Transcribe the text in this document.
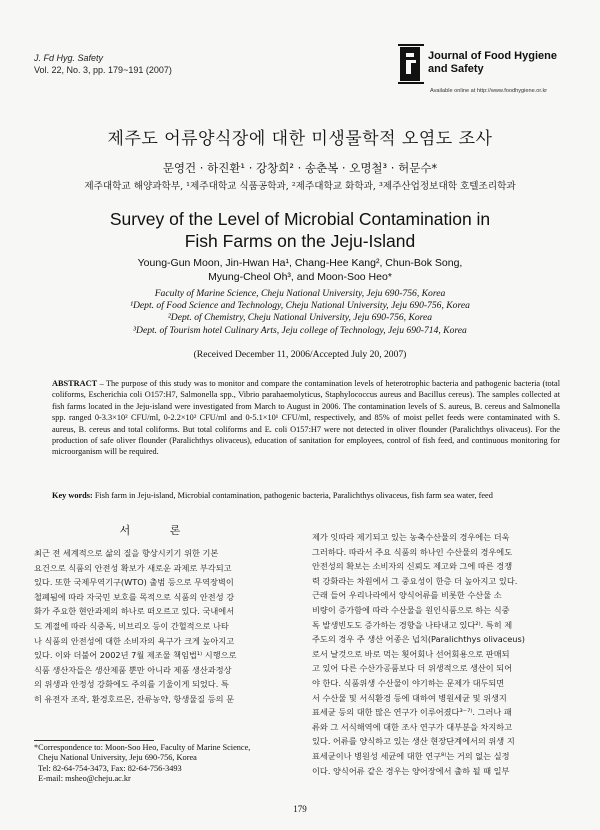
J. Fd Hyg. Safety
Vol. 22, No. 3, pp. 179~191 (2007)
Journal of Food Hygiene
and Safety
Available online at http://www.foodhygiene.or.kr
제주도 어류양식장에 대한 미생물학적 오염도 조사
문영건 · 하진환¹ · 강창희² · 송춘복 · 오명철³ · 허문수*
제주대학교 해양과학부, ¹제주대학교 식품공학과, ²제주대학교 화학과, ³제주산업정보대학 호텔조리학과
Survey of the Level of Microbial Contamination in
Fish Farms on the Jeju-Island
Young-Gun Moon, Jin-Hwan Ha¹, Chang-Hee Kang², Chun-Bok Song,
Myung-Cheol Oh³, and Moon-Soo Heo*
Faculty of Marine Science, Cheju National University, Jeju 690-756, Korea
¹Dept. of Food Science and Technology, Cheju National University, Jeju 690-756, Korea
²Dept. of Chemistry, Cheju National University, Jeju 690-756, Korea
³Dept. of Tourism hotel Culinary Arts, Jeju college of Technology, Jeju 690-714, Korea
(Received December 11, 2006/Accepted July 20, 2007)
ABSTRACT – The purpose of this study was to monitor and compare the contamination levels of heterotrophic bacteria and pathogenic bacteria (total coliforms, Escherichia coli O157:H7, Salmonella spp., Vibrio parahaemolyticus, Staphylococcus aureus and Bacillus cereus). The samples collected at fish farms located in the Jeju-island were investigated from March to August in 2006. The contamination levels of S. aureus, B. cereus and Salmonella spp. ranged 0-3.3×10² CFU/ml, 0-2.2×10² CFU/ml and 0-5.1×10¹ CFU/ml, respectively, and 85% of moist pellet feeds were contaminated with S. aureus, B. cereus and total coliforms. But total coliforms and E. coli O157:H7 were not detected in oliver flounder (Paralichthys olivaceus). For the production of safe oliver flounder (Paralichthys olivaceus), education of sanitation for employees, control of fish feed, and continuous monitoring for microorganism will be required.
Key words: Fish farm in Jeju-island, Microbial contamination, pathogenic bacteria, Paralichthys olivaceus, fish farm sea water, feed
서 론

최근 전 세계적으로 삶의 질을 향상시키기 위한 기본

요건으로 식품의 안전성 확보가 새로운 과제로 부각되고

있다. 또한 국제무역기구(WTO) 출범 등으로 무역장벽이

철폐됨에 따라 자국민 보호를 목적으로 식품의 안전성 강

화가 주요한 현안과제의 하나로 떠오르고 있다. 국내에서

도 계절에 따라 식중독, 비브리오 등이 간헐적으로 나타

나 식품의 안전성에 대한 소비자의 욕구가 크게 높아지고

있다. 이와 더불어 2002년 7월 제조물 책임법¹⁾ 시행으로

식품 생산자들은 생산제품 뿐만 아니라 제품 생산과정상

의 위생과 안정성 강화에도 주의를 기울이게 되었다. 특

히 유전자 조작, 환경호르몬, 잔류농약, 항생물질 등의 문

제가 잇따라 제기되고 있는 농축수산물의 경우에는 더욱

그러하다. 따라서 주요 식품의 하나인 수산물의 경우에도

안전성의 확보는 소비자의 신뢰도 제고와 그에 따른 경쟁

력 강화라는 차원에서 그 중요성이 한층 더 높아지고 있다.

근래 들어 우리나라에서 양식어류를 비롯한 수산물 소

비량이 증가함에 따라 수산물을 원인식품으로 하는 식중

독 발생빈도도 증가하는 경향을 나타내고 있다²⁾. 특히 제

주도의 경우 주 생산 어종은 넙치(Paralichthys olivaceus)

로서 날것으로 바로 먹는 횟어회나 선어회용으로 판매되

고 있어 다른 수산가공품보다 더 위생적으로 생산이 되어

야 한다. 식품위생 수산물이 야기하는 문제가 대두되면

서 수산물 및 서식환경 등에 대하여 병원세균 및 위생지

표세균 등의 대한 많은 연구가 이루어졌다³⁻⁷⁾. 그러나 패

류와 그 서식해역에 대한 조사 연구가 대부분을 차지하고

있다. 어류를 양식하고 있는 생산 현장단계에서의 위생 지

표세균이나 병원성 세균에 대한 연구⁸⁾는 거의 없는 실정

이다. 양식어류 같은 경우는 양어장에서 출하 될 때 일부

*Correspondence to: Moon-Soo Heo, Faculty of Marine Science,
Cheju National University, Jeju 690-756, Korea
Tel: 82-64-754-3473, Fax: 82-64-756-3493
E-mail: msheo@cheju.ac.kr
179
